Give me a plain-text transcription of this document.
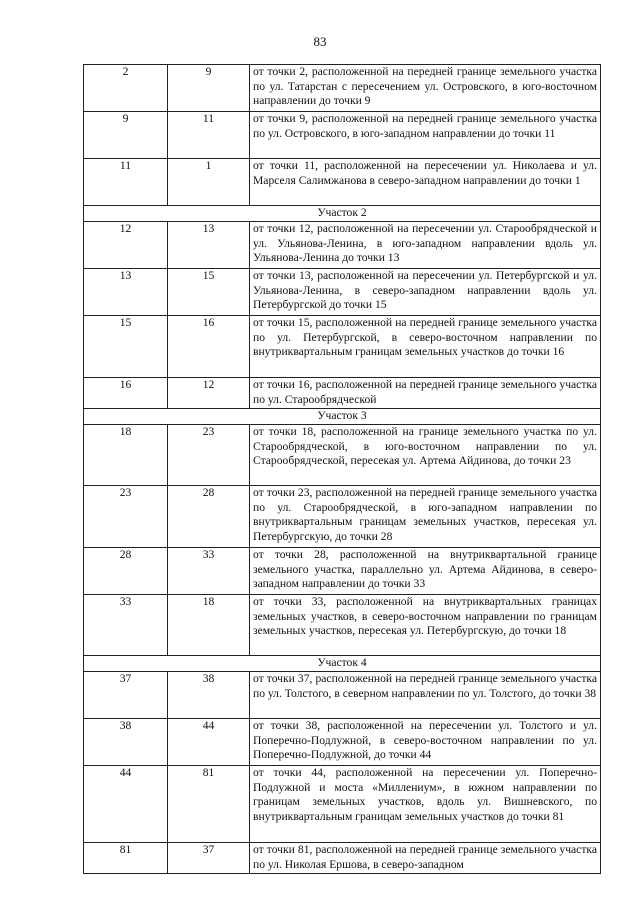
83
2	9	от точки 2, расположенной на передней границе земельного участка по ул. Татарстан с пересечением ул. Островского, в юго-восточном направлении до точки 9
9	11	от точки 9, расположенной на передней границе земельного участка по ул. Островского, в юго-западном направлении до точки 11
11	1	от точки 11, расположенной на пересечении ул. Николаева и ул. Марселя Салимжанова в северо-западном направлении до точки 1
Участок 2		
12	13	от точки 12, расположенной на пересечении ул. Старообрядческой и ул. Ульянова-Ленина, в юго-западном направлении вдоль ул. Ульянова-Ленина до точки 13
13	15	от точки 13, расположенной на пересечении ул. Петербургской и ул. Ульянова-Ленина, в северо-западном направлении вдоль ул. Петербургской до точки 15
15	16	от точки 15, расположенной на передней границе земельного участка по ул. Петербургской, в северо-восточном направлении по внутриквартальным границам земельных участков до точки 16
16	12	от точки 16, расположенной на передней границе земельного участка по ул. Старообрядческой
Участок 3		
18	23	от точки 18, расположенной на границе земельного участка по ул. Старообрядческой, в юго-восточном направлении по ул. Старообрядческой, пересекая ул. Артема Айдинова, до точки 23
23	28	от точки 23, расположенной на передней границе земельного участка по ул. Старообрядческой, в юго-западном направлении по внутриквартальным границам земельных участков, пересекая ул. Петербургскую, до точки 28
28	33	от точки 28, расположенной на внутриквартальной границе земельного участка, параллельно ул. Артема Айдинова, в северо-западном направлении до точки 33
33	18	от точки 33, расположенной на внутриквартальных границах земельных участков, в северо-восточном направлении по границам земельных участков, пересекая ул. Петербургскую, до точки 18
Участок 4		
37	38	от точки 37, расположенной на передней границе земельного участка по ул. Толстого, в северном направлении по ул. Толстого, до точки 38
38	44	от точки 38, расположенной на пересечении ул. Толстого и ул. Поперечно-Подлужной, в северо-восточном направлении по ул. Поперечно-Подлужной, до точки 44
44	81	от точки 44, расположенной на пересечении ул. Поперечно-Подлужной и моста «Миллениум», в южном направлении по границам земельных участков, вдоль ул. Вишневского, по внутриквартальным границам земельных участков до точки 81
81	37	от точки 81, расположенной на передней границе земельного участка по ул. Николая Ершова, в северо-западном
